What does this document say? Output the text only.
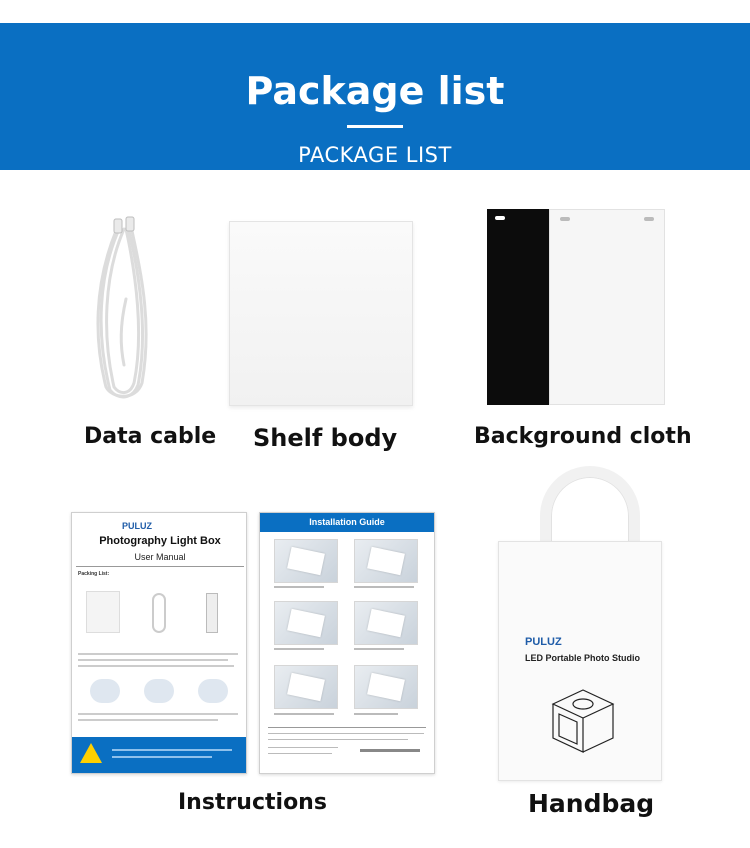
Package list
PACKAGE LIST
Data cable Shelf body	Background cloth
PULUZ
Photography Light Box
User Manual
Packing List:
Installation Guide
Instructions
PULUZ
LED Portable Photo Studio
Handbag
